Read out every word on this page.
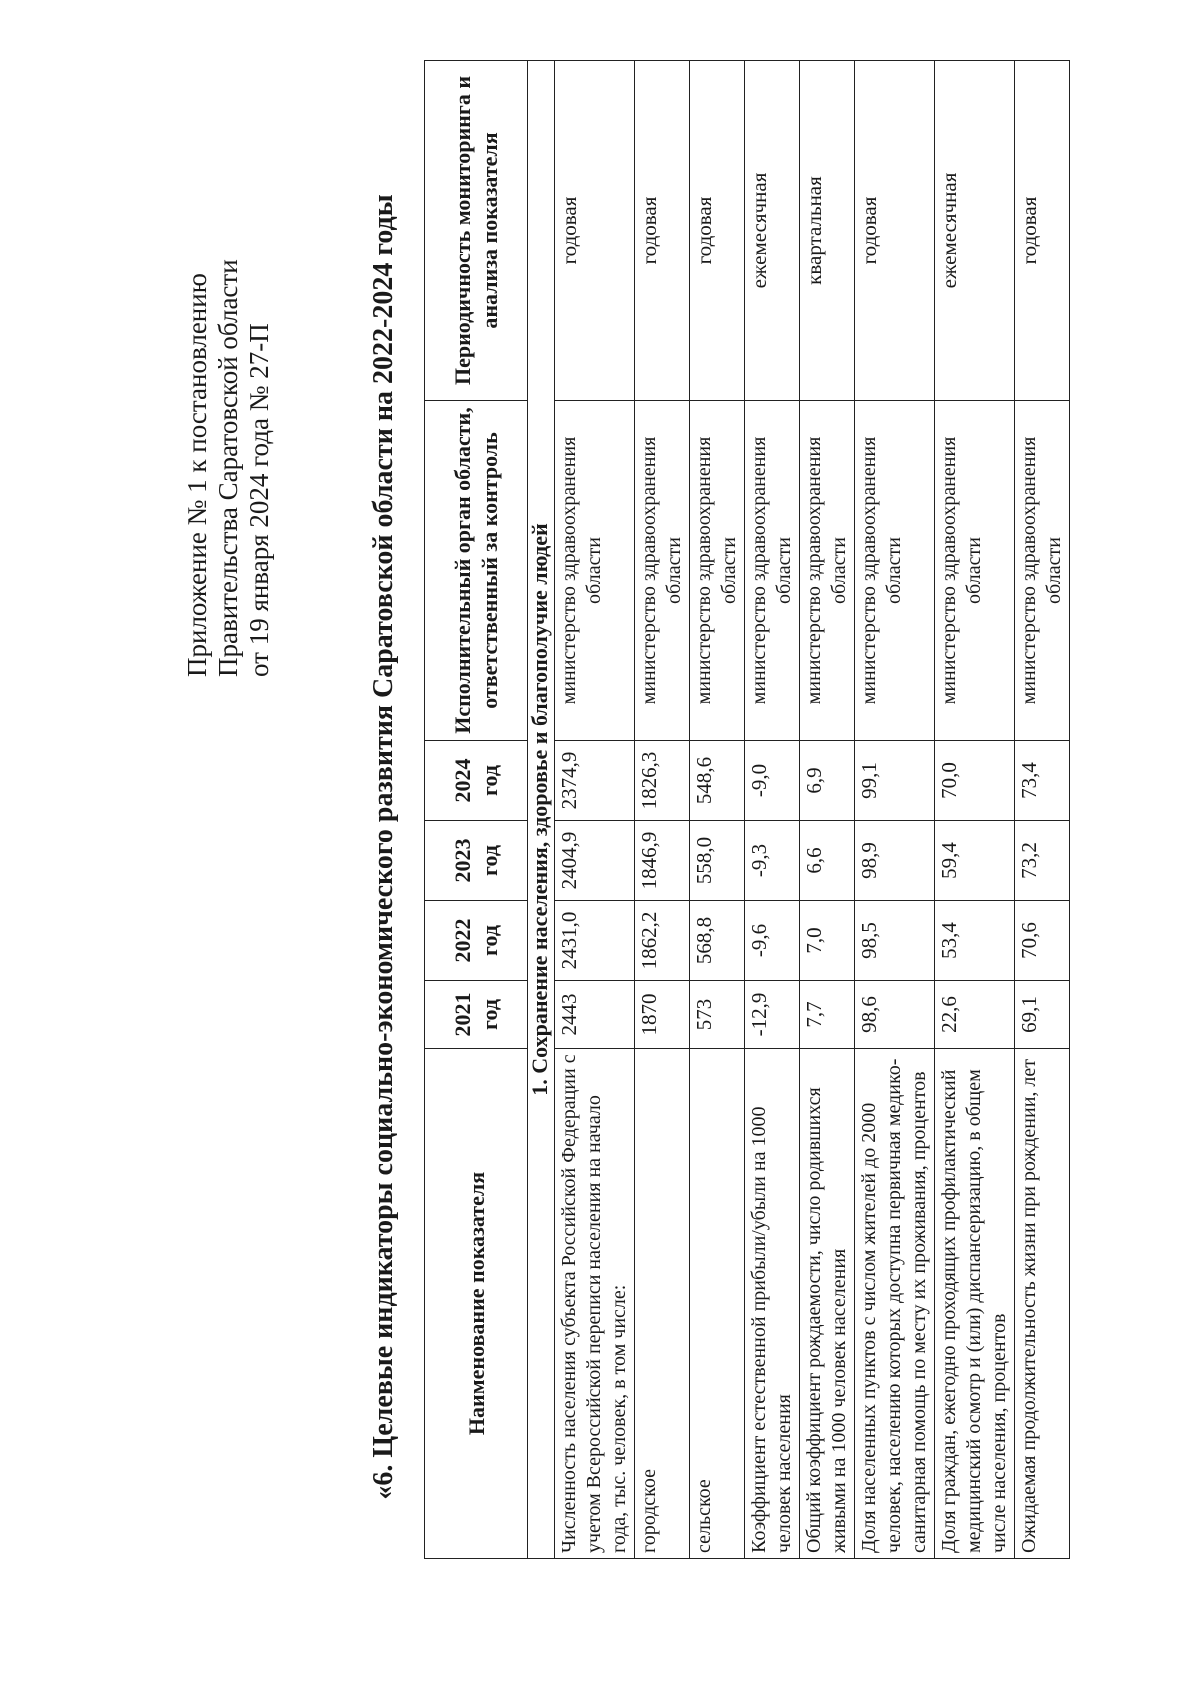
Приложение № 1 к постановлению Правительства Саратовской области от 19 января 2024 года № 27-П	«6. Целевые индикаторы социально-экономического развития Саратовской области на 2022-2024 годы	Наименование показателя	2021 год	2022 год	2023 год	2024 год	Исполнительный орган области, ответственный за контроль	Периодичность мониторинга и анализа показателя
1. Сохранение населения, здоровье и благополучие людей						
Численность населения субъекта Российской Федерации с учетом Всероссийской переписи населения на начало года, тыс. человек, в том числе:	2443	2431,0	2404,9	2374,9	министерство здравоохранения области	годовая
городское	1870	1862,2	1846,9	1826,3	министерство здравоохранения области	годовая
сельское	573	568,8	558,0	548,6	министерство здравоохранения области	годовая
Коэффициент естественной прибыли/убыли на 1000 человек населения	-12,9	-9,6	-9,3	-9,0	министерство здравоохранения области	ежемесячная
Общий коэффициент рождаемости, число родившихся живыми на 1000 человек населения	7,7	7,0	6,6	6,9	министерство здравоохранения области	квартальная
Доля населенных пунктов с числом жителей до 2000 человек, населению которых доступна первичная медико-санитарная помощь по месту их проживания, процентов	98,6	98,5	98,9	99,1	министерство здравоохранения области	годовая
Доля граждан, ежегодно проходящих профилактический медицинский осмотр и (или) диспансеризацию, в общем числе населения, процентов	22,6	53,4	59,4	70,0	министерство здравоохранения области	ежемесячная
Ожидаемая продолжительность жизни при рождении, лет	69,1	70,6	73,2	73,4	министерство здравоохранения области	годовая
